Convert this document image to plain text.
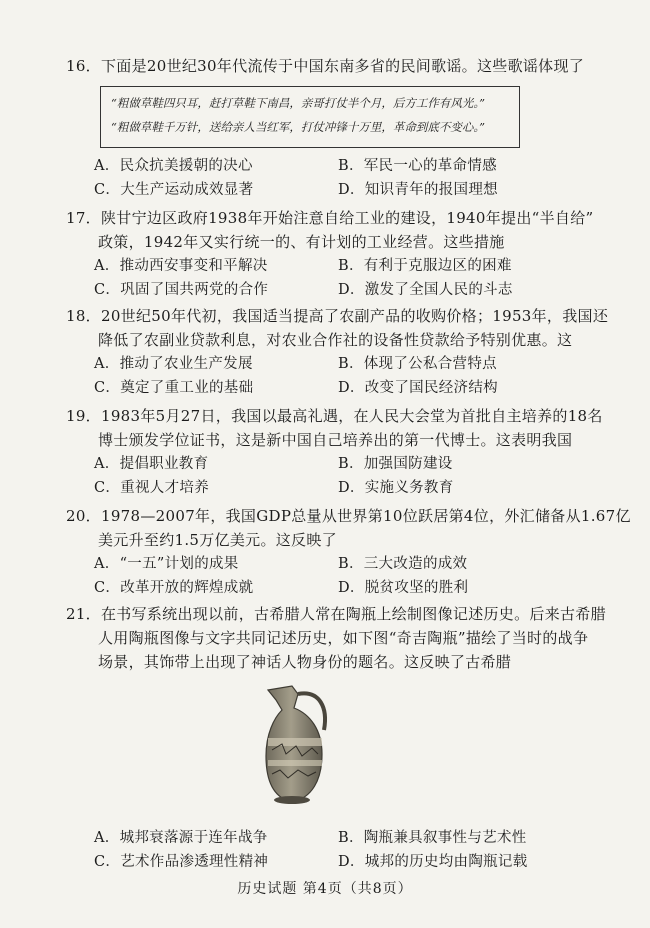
16．下面是20世纪30年代流传于中国东南多省的民间歌谣。这些歌谣体现了
“粗做草鞋四只耳，赶打草鞋下南昌，亲哥打仗半个月，后方工作有风光。”
“粗做草鞋千万针，送给亲人当红军，打仗冲锋十万里，革命到底不变心。”
A．民众抗美援朝的决心	B．军民一心的革命情感
C．大生产运动成效显著	D．知识青年的报国理想
17．陕甘宁边区政府1938年开始注意自给工业的建设，1940年提出“半自给”
政策，1942年又实行统一的、有计划的工业经营。这些措施
A．推动西安事变和平解决	B．有利于克服边区的困难
C．巩固了国共两党的合作	D．激发了全国人民的斗志
18．20世纪50年代初，我国适当提高了农副产品的收购价格；1953年，我国还
降低了农副业贷款利息，对农业合作社的设备性贷款给予特别优惠。这
A．推动了农业生产发展	B．体现了公私合营特点
C．奠定了重工业的基础	D．改变了国民经济结构
19．1983年5月27日，我国以最高礼遇，在人民大会堂为首批自主培养的18名
博士颁发学位证书，这是新中国自己培养出的第一代博士。这表明我国
A．提倡职业教育	B．加强国防建设
C．重视人才培养	D．实施义务教育
20．1978—2007年，我国GDP总量从世界第10位跃居第4位，外汇储备从1.67亿
美元升至约1.5万亿美元。这反映了
A．“一五”计划的成果	B．三大改造的成效
C．改革开放的辉煌成就	D．脱贫攻坚的胜利
21．在书写系统出现以前，古希腊人常在陶瓶上绘制图像记述历史。后来古希腊
人用陶瓶图像与文字共同记述历史，如下图“奇吉陶瓶”描绘了当时的战争
场景，其饰带上出现了神话人物身份的题名。这反映了古希腊
A．城邦衰落源于连年战争	B．陶瓶兼具叙事性与艺术性
C．艺术作品渗透理性精神	D．城邦的历史均由陶瓶记载
历史试题 第4页（共8页）
